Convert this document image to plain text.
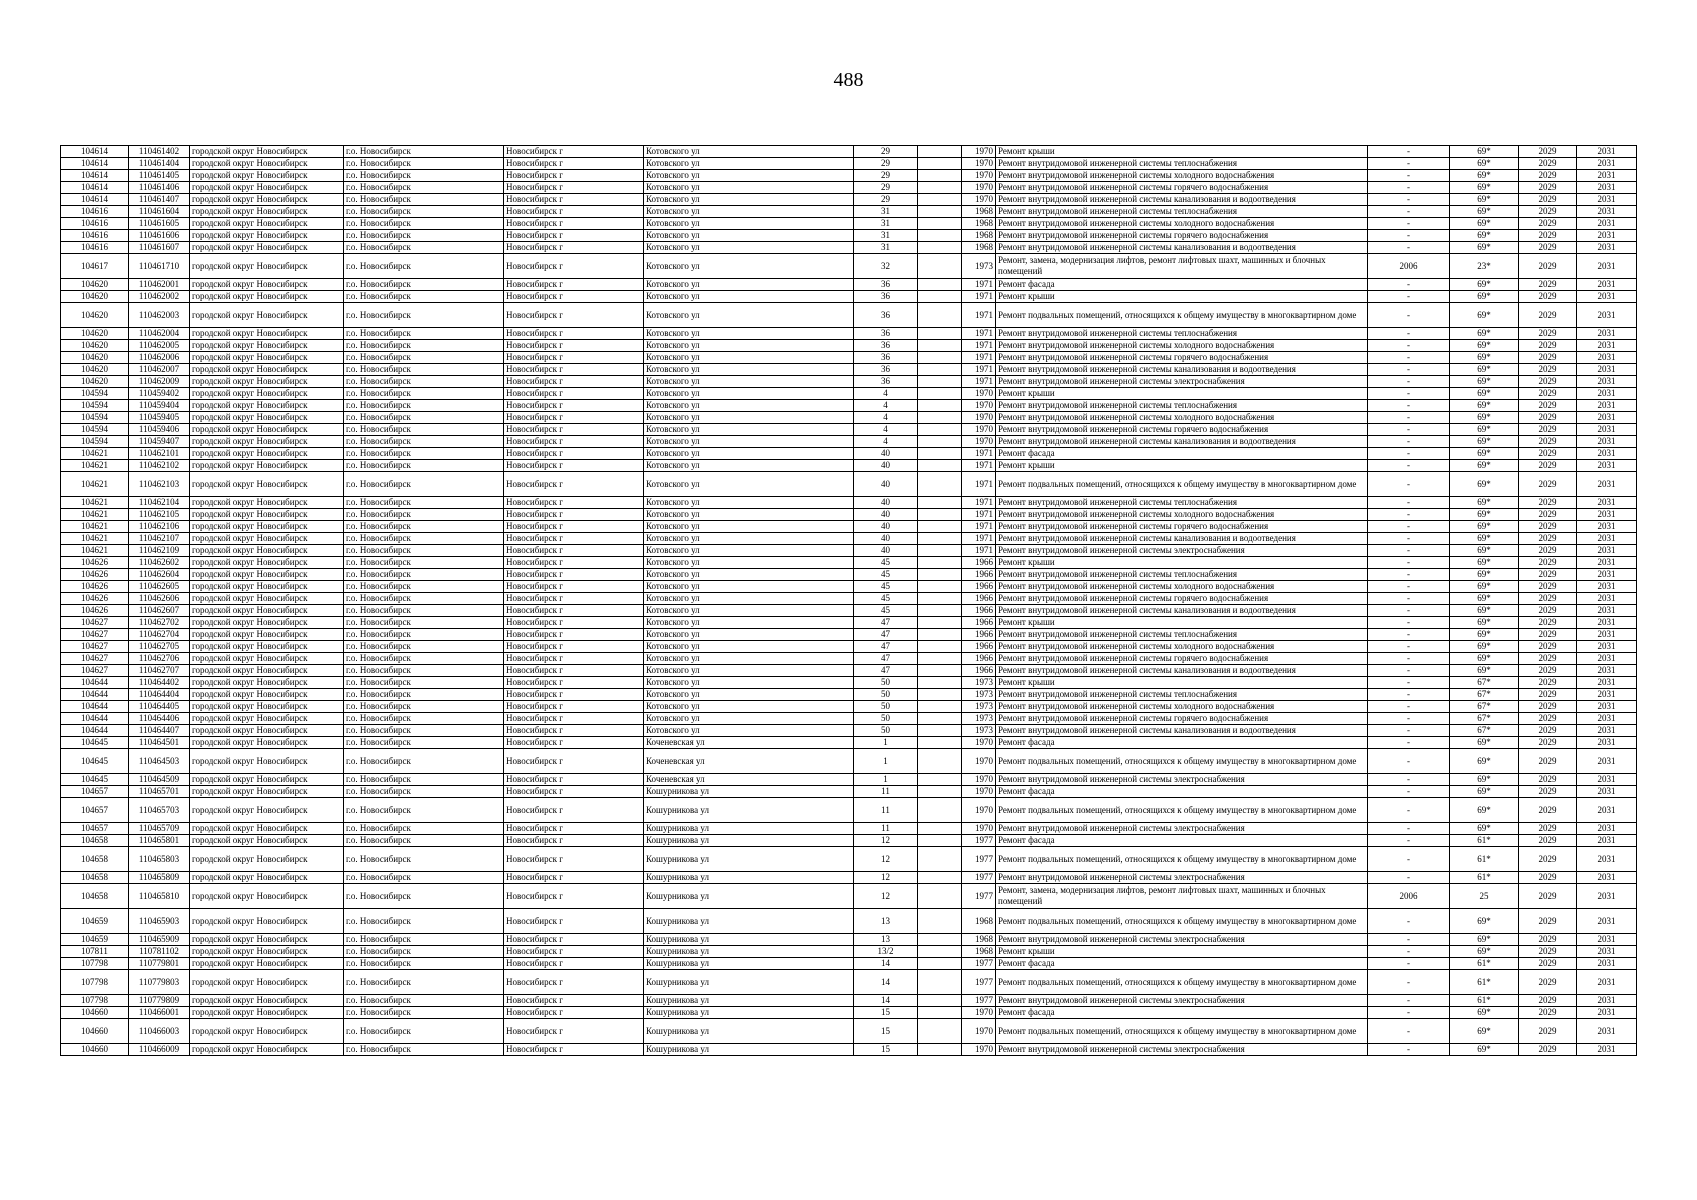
488
104614	110461402	городской округ Новосибирск	г.о. Новосибирск	Новосибирск г	Котовского ул	29		1970	Ремонт крыши	-	69*	2029	2031
104614	110461404	городской округ Новосибирск	г.о. Новосибирск	Новосибирск г	Котовского ул	29		1970	Ремонт внутридомовой инженерной системы теплоснабжения	-	69*	2029	2031
104614	110461405	городской округ Новосибирск	г.о. Новосибирск	Новосибирск г	Котовского ул	29		1970	Ремонт внутридомовой инженерной системы холодного водоснабжения	-	69*	2029	2031
104614	110461406	городской округ Новосибирск	г.о. Новосибирск	Новосибирск г	Котовского ул	29		1970	Ремонт внутридомовой инженерной системы горячего водоснабжения	-	69*	2029	2031
104614	110461407	городской округ Новосибирск	г.о. Новосибирск	Новосибирск г	Котовского ул	29		1970	Ремонт внутридомовой инженерной системы канализования и водоотведения	-	69*	2029	2031
104616	110461604	городской округ Новосибирск	г.о. Новосибирск	Новосибирск г	Котовского ул	31		1968	Ремонт внутридомовой инженерной системы теплоснабжения	-	69*	2029	2031
104616	110461605	городской округ Новосибирск	г.о. Новосибирск	Новосибирск г	Котовского ул	31		1968	Ремонт внутридомовой инженерной системы холодного водоснабжения	-	69*	2029	2031
104616	110461606	городской округ Новосибирск	г.о. Новосибирск	Новосибирск г	Котовского ул	31		1968	Ремонт внутридомовой инженерной системы горячего водоснабжения	-	69*	2029	2031
104616	110461607	городской округ Новосибирск	г.о. Новосибирск	Новосибирск г	Котовского ул	31		1968	Ремонт внутридомовой инженерной системы канализования и водоотведения	-	69*	2029	2031
104617	110461710	городской округ Новосибирск	г.о. Новосибирск	Новосибирск г	Котовского ул	32		1973	Ремонт, замена, модернизация лифтов, ремонт лифтовых шахт, машинных и блочных помещений	2006	23*	2029	2031
104620	110462001	городской округ Новосибирск	г.о. Новосибирск	Новосибирск г	Котовского ул	36		1971	Ремонт фасада	-	69*	2029	2031
104620	110462002	городской округ Новосибирск	г.о. Новосибирск	Новосибирск г	Котовского ул	36		1971	Ремонт крыши	-	69*	2029	2031
104620	110462003	городской округ Новосибирск	г.о. Новосибирск	Новосибирск г	Котовского ул	36		1971	Ремонт подвальных помещений, относящихся к общему имуществу в многоквартирном доме	-	69*	2029	2031
104620	110462004	городской округ Новосибирск	г.о. Новосибирск	Новосибирск г	Котовского ул	36		1971	Ремонт внутридомовой инженерной системы теплоснабжения	-	69*	2029	2031
104620	110462005	городской округ Новосибирск	г.о. Новосибирск	Новосибирск г	Котовского ул	36		1971	Ремонт внутридомовой инженерной системы холодного водоснабжения	-	69*	2029	2031
104620	110462006	городской округ Новосибирск	г.о. Новосибирск	Новосибирск г	Котовского ул	36		1971	Ремонт внутридомовой инженерной системы горячего водоснабжения	-	69*	2029	2031
104620	110462007	городской округ Новосибирск	г.о. Новосибирск	Новосибирск г	Котовского ул	36		1971	Ремонт внутридомовой инженерной системы канализования и водоотведения	-	69*	2029	2031
104620	110462009	городской округ Новосибирск	г.о. Новосибирск	Новосибирск г	Котовского ул	36		1971	Ремонт внутридомовой инженерной системы электроснабжения	-	69*	2029	2031
104594	110459402	городской округ Новосибирск	г.о. Новосибирск	Новосибирск г	Котовского ул	4		1970	Ремонт крыши	-	69*	2029	2031
104594	110459404	городской округ Новосибирск	г.о. Новосибирск	Новосибирск г	Котовского ул	4		1970	Ремонт внутридомовой инженерной системы теплоснабжения	-	69*	2029	2031
104594	110459405	городской округ Новосибирск	г.о. Новосибирск	Новосибирск г	Котовского ул	4		1970	Ремонт внутридомовой инженерной системы холодного водоснабжения	-	69*	2029	2031
104594	110459406	городской округ Новосибирск	г.о. Новосибирск	Новосибирск г	Котовского ул	4		1970	Ремонт внутридомовой инженерной системы горячего водоснабжения	-	69*	2029	2031
104594	110459407	городской округ Новосибирск	г.о. Новосибирск	Новосибирск г	Котовского ул	4		1970	Ремонт внутридомовой инженерной системы канализования и водоотведения	-	69*	2029	2031
104621	110462101	городской округ Новосибирск	г.о. Новосибирск	Новосибирск г	Котовского ул	40		1971	Ремонт фасада	-	69*	2029	2031
104621	110462102	городской округ Новосибирск	г.о. Новосибирск	Новосибирск г	Котовского ул	40		1971	Ремонт крыши	-	69*	2029	2031
104621	110462103	городской округ Новосибирск	г.о. Новосибирск	Новосибирск г	Котовского ул	40		1971	Ремонт подвальных помещений, относящихся к общему имуществу в многоквартирном доме	-	69*	2029	2031
104621	110462104	городской округ Новосибирск	г.о. Новосибирск	Новосибирск г	Котовского ул	40		1971	Ремонт внутридомовой инженерной системы теплоснабжения	-	69*	2029	2031
104621	110462105	городской округ Новосибирск	г.о. Новосибирск	Новосибирск г	Котовского ул	40		1971	Ремонт внутридомовой инженерной системы холодного водоснабжения	-	69*	2029	2031
104621	110462106	городской округ Новосибирск	г.о. Новосибирск	Новосибирск г	Котовского ул	40		1971	Ремонт внутридомовой инженерной системы горячего водоснабжения	-	69*	2029	2031
104621	110462107	городской округ Новосибирск	г.о. Новосибирск	Новосибирск г	Котовского ул	40		1971	Ремонт внутридомовой инженерной системы канализования и водоотведения	-	69*	2029	2031
104621	110462109	городской округ Новосибирск	г.о. Новосибирск	Новосибирск г	Котовского ул	40		1971	Ремонт внутридомовой инженерной системы электроснабжения	-	69*	2029	2031
104626	110462602	городской округ Новосибирск	г.о. Новосибирск	Новосибирск г	Котовского ул	45		1966	Ремонт крыши	-	69*	2029	2031
104626	110462604	городской округ Новосибирск	г.о. Новосибирск	Новосибирск г	Котовского ул	45		1966	Ремонт внутридомовой инженерной системы теплоснабжения	-	69*	2029	2031
104626	110462605	городской округ Новосибирск	г.о. Новосибирск	Новосибирск г	Котовского ул	45		1966	Ремонт внутридомовой инженерной системы холодного водоснабжения	-	69*	2029	2031
104626	110462606	городской округ Новосибирск	г.о. Новосибирск	Новосибирск г	Котовского ул	45		1966	Ремонт внутридомовой инженерной системы горячего водоснабжения	-	69*	2029	2031
104626	110462607	городской округ Новосибирск	г.о. Новосибирск	Новосибирск г	Котовского ул	45		1966	Ремонт внутридомовой инженерной системы канализования и водоотведения	-	69*	2029	2031
104627	110462702	городской округ Новосибирск	г.о. Новосибирск	Новосибирск г	Котовского ул	47		1966	Ремонт крыши	-	69*	2029	2031
104627	110462704	городской округ Новосибирск	г.о. Новосибирск	Новосибирск г	Котовского ул	47		1966	Ремонт внутридомовой инженерной системы теплоснабжения	-	69*	2029	2031
104627	110462705	городской округ Новосибирск	г.о. Новосибирск	Новосибирск г	Котовского ул	47		1966	Ремонт внутридомовой инженерной системы холодного водоснабжения	-	69*	2029	2031
104627	110462706	городской округ Новосибирск	г.о. Новосибирск	Новосибирск г	Котовского ул	47		1966	Ремонт внутридомовой инженерной системы горячего водоснабжения	-	69*	2029	2031
104627	110462707	городской округ Новосибирск	г.о. Новосибирск	Новосибирск г	Котовского ул	47		1966	Ремонт внутридомовой инженерной системы канализования и водоотведения	-	69*	2029	2031
104644	110464402	городской округ Новосибирск	г.о. Новосибирск	Новосибирск г	Котовского ул	50		1973	Ремонт крыши	-	67*	2029	2031
104644	110464404	городской округ Новосибирск	г.о. Новосибирск	Новосибирск г	Котовского ул	50		1973	Ремонт внутридомовой инженерной системы теплоснабжения	-	67*	2029	2031
104644	110464405	городской округ Новосибирск	г.о. Новосибирск	Новосибирск г	Котовского ул	50		1973	Ремонт внутридомовой инженерной системы холодного водоснабжения	-	67*	2029	2031
104644	110464406	городской округ Новосибирск	г.о. Новосибирск	Новосибирск г	Котовского ул	50		1973	Ремонт внутридомовой инженерной системы горячего водоснабжения	-	67*	2029	2031
104644	110464407	городской округ Новосибирск	г.о. Новосибирск	Новосибирск г	Котовского ул	50		1973	Ремонт внутридомовой инженерной системы канализования и водоотведения	-	67*	2029	2031
104645	110464501	городской округ Новосибирск	г.о. Новосибирск	Новосибирск г	Коченевская ул	1		1970	Ремонт фасада	-	69*	2029	2031
104645	110464503	городской округ Новосибирск	г.о. Новосибирск	Новосибирск г	Коченевская ул	1		1970	Ремонт подвальных помещений, относящихся к общему имуществу в многоквартирном доме	-	69*	2029	2031
104645	110464509	городской округ Новосибирск	г.о. Новосибирск	Новосибирск г	Коченевская ул	1		1970	Ремонт внутридомовой инженерной системы электроснабжения	-	69*	2029	2031
104657	110465701	городской округ Новосибирск	г.о. Новосибирск	Новосибирск г	Кошурникова ул	11		1970	Ремонт фасада	-	69*	2029	2031
104657	110465703	городской округ Новосибирск	г.о. Новосибирск	Новосибирск г	Кошурникова ул	11		1970	Ремонт подвальных помещений, относящихся к общему имуществу в многоквартирном доме	-	69*	2029	2031
104657	110465709	городской округ Новосибирск	г.о. Новосибирск	Новосибирск г	Кошурникова ул	11		1970	Ремонт внутридомовой инженерной системы электроснабжения	-	69*	2029	2031
104658	110465801	городской округ Новосибирск	г.о. Новосибирск	Новосибирск г	Кошурникова ул	12		1977	Ремонт фасада	-	61*	2029	2031
104658	110465803	городской округ Новосибирск	г.о. Новосибирск	Новосибирск г	Кошурникова ул	12		1977	Ремонт подвальных помещений, относящихся к общему имуществу в многоквартирном доме	-	61*	2029	2031
104658	110465809	городской округ Новосибирск	г.о. Новосибирск	Новосибирск г	Кошурникова ул	12		1977	Ремонт внутридомовой инженерной системы электроснабжения	-	61*	2029	2031
104658	110465810	городской округ Новосибирск	г.о. Новосибирск	Новосибирск г	Кошурникова ул	12		1977	Ремонт, замена, модернизация лифтов, ремонт лифтовых шахт, машинных и блочных помещений	2006	25	2029	2031
104659	110465903	городской округ Новосибирск	г.о. Новосибирск	Новосибирск г	Кошурникова ул	13		1968	Ремонт подвальных помещений, относящихся к общему имуществу в многоквартирном доме	-	69*	2029	2031
104659	110465909	городской округ Новосибирск	г.о. Новосибирск	Новосибирск г	Кошурникова ул	13		1968	Ремонт внутридомовой инженерной системы электроснабжения	-	69*	2029	2031
107811	110781102	городской округ Новосибирск	г.о. Новосибирск	Новосибирск г	Кошурникова ул	13/2		1968	Ремонт крыши	-	69*	2029	2031
107798	110779801	городской округ Новосибирск	г.о. Новосибирск	Новосибирск г	Кошурникова ул	14		1977	Ремонт фасада	-	61*	2029	2031
107798	110779803	городской округ Новосибирск	г.о. Новосибирск	Новосибирск г	Кошурникова ул	14		1977	Ремонт подвальных помещений, относящихся к общему имуществу в многоквартирном доме	-	61*	2029	2031
107798	110779809	городской округ Новосибирск	г.о. Новосибирск	Новосибирск г	Кошурникова ул	14		1977	Ремонт внутридомовой инженерной системы электроснабжения	-	61*	2029	2031
104660	110466001	городской округ Новосибирск	г.о. Новосибирск	Новосибирск г	Кошурникова ул	15		1970	Ремонт фасада	-	69*	2029	2031
104660	110466003	городской округ Новосибирск	г.о. Новосибирск	Новосибирск г	Кошурникова ул	15		1970	Ремонт подвальных помещений, относящихся к общему имуществу в многоквартирном доме	-	69*	2029	2031
104660	110466009	городской округ Новосибирск	г.о. Новосибирск	Новосибирск г	Кошурникова ул	15		1970	Ремонт внутридомовой инженерной системы электроснабжения	-	69*	2029	2031
